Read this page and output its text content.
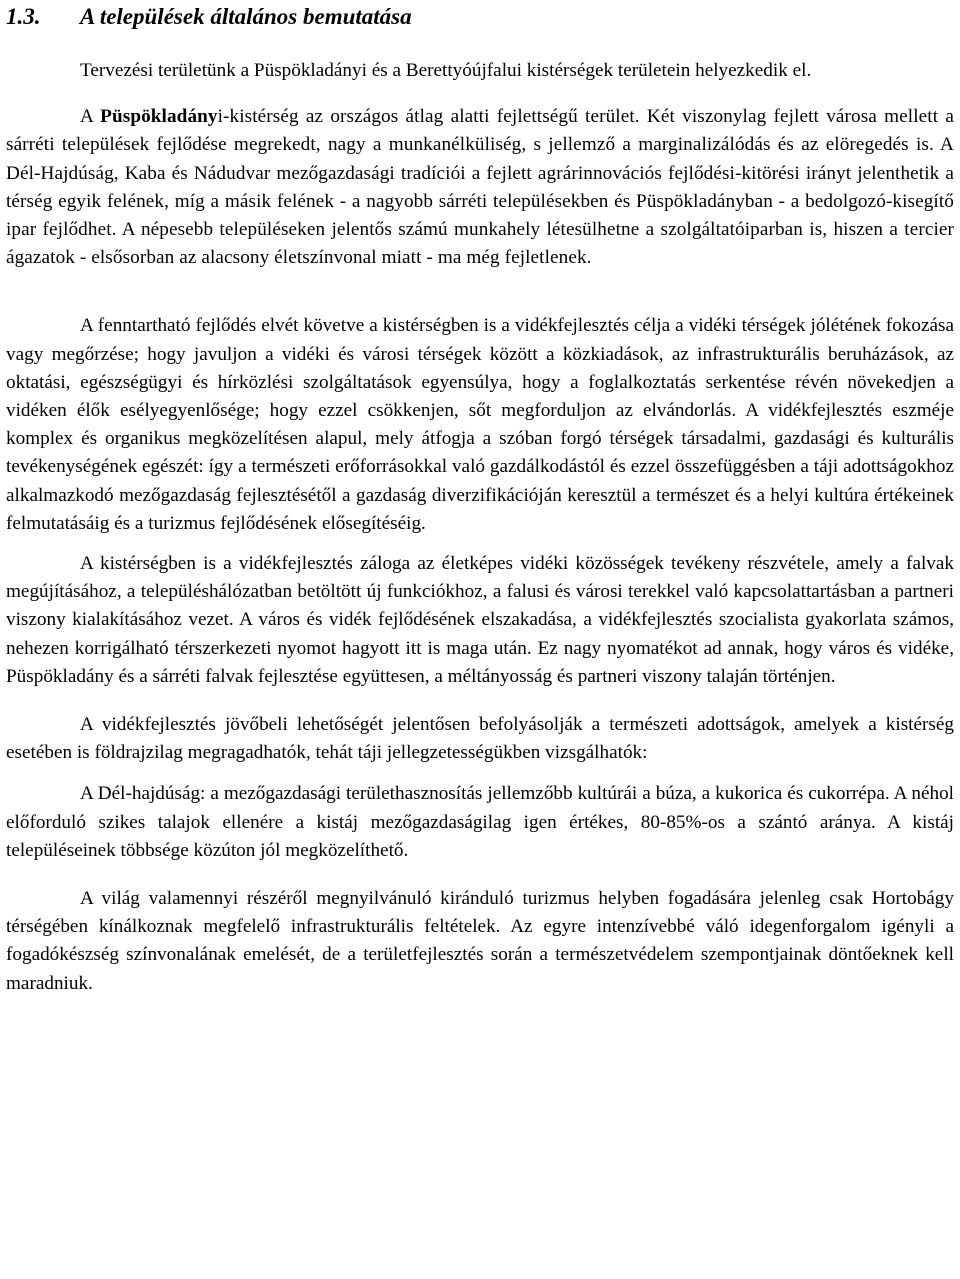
1.3. A települések általános bemutatása

Tervezési területünk a Püspökladányi és a Berettyóújfalui kistérségek területein helyezkedik el.

A Püspökladányi-kistérség az országos átlag alatti fejlettségű terület. Két viszonylag fejlett városa mellett a sárréti települések fejlődése megrekedt, nagy a munkanélküliség, s jellemző a marginalizálódás és az elöregedés is. A Dél-Hajdúság, Kaba és Nádudvar mezőgazdasági tradíciói a fejlett agrárinnovációs fejlődési-kitörési irányt jelenthetik a térség egyik felének, míg a másik felének - a nagyobb sárréti településekben és Püspökladányban - a bedolgozó-kisegítő ipar fejlődhet. A népesebb településeken jelentős számú munkahely létesülhetne a szolgáltatóiparban is, hiszen a tercier ágazatok - elsősorban az alacsony életszínvonal miatt - ma még fejletlenek.

A fenntartható fejlődés elvét követve a kistérségben is a vidékfejlesztés célja a vidéki térségek jólétének fokozása vagy megőrzése; hogy javuljon a vidéki és városi térségek között a közkiadások, az infrastrukturális beruházások, az oktatási, egészségügyi és hírközlési szolgáltatások egyensúlya, hogy a foglalkoztatás serkentése révén növekedjen a vidéken élők esélyegyenlősége; hogy ezzel csökkenjen, sőt megforduljon az elvándorlás. A vidékfejlesztés eszméje komplex és organikus megközelítésen alapul, mely átfogja a szóban forgó térségek társadalmi, gazdasági és kulturális tevékenységének egészét: így a természeti erőforrásokkal való gazdálkodástól és ezzel összefüggésben a táji adottságokhoz alkalmazkodó mezőgazdaság fejlesztésétől a gazdaság diverzifikációján keresztül a természet és a helyi kultúra értékeinek felmutatásáig és a turizmus fejlődésének elősegítéséig.

A kistérségben is a vidékfejlesztés záloga az életképes vidéki közösségek tevékeny részvétele, amely a falvak megújításához, a településhálózatban betöltött új funkciókhoz, a falusi és városi terekkel való kapcsolattartásban a partneri viszony kialakításához vezet. A város és vidék fejlődésének elszakadása, a vidékfejlesztés szocialista gyakorlata számos, nehezen korrigálható térszerkezeti nyomot hagyott itt is maga után. Ez nagy nyomatékot ad annak, hogy város és vidéke, Püspökladány és a sárréti falvak fejlesztése együttesen, a méltányosság és partneri viszony talaján történjen.

A vidékfejlesztés jövőbeli lehetőségét jelentősen befolyásolják a természeti adottságok, amelyek a kistérség esetében is földrajzilag megragadhatók, tehát táji jellegzetességükben vizsgálhatók:

A Dél-hajdúság: a mezőgazdasági területhasznosítás jellemzőbb kultúrái a búza, a kukorica és cukorrépa. A néhol előforduló szikes talajok ellenére a kistáj mezőgazdaságilag igen értékes, 80-85%-os a szántó aránya. A kistáj településeinek többsége közúton jól megközelíthető.

A világ valamennyi részéről megnyilvánuló kiránduló turizmus helyben fogadására jelenleg csak Hortobágy térségében kínálkoznak megfelelő infrastrukturális feltételek. Az egyre intenzívebbé váló idegenforgalom igényli a fogadókészség színvonalának emelését, de a területfejlesztés során a természetvédelem szempontjainak döntőeknek kell maradniuk.
